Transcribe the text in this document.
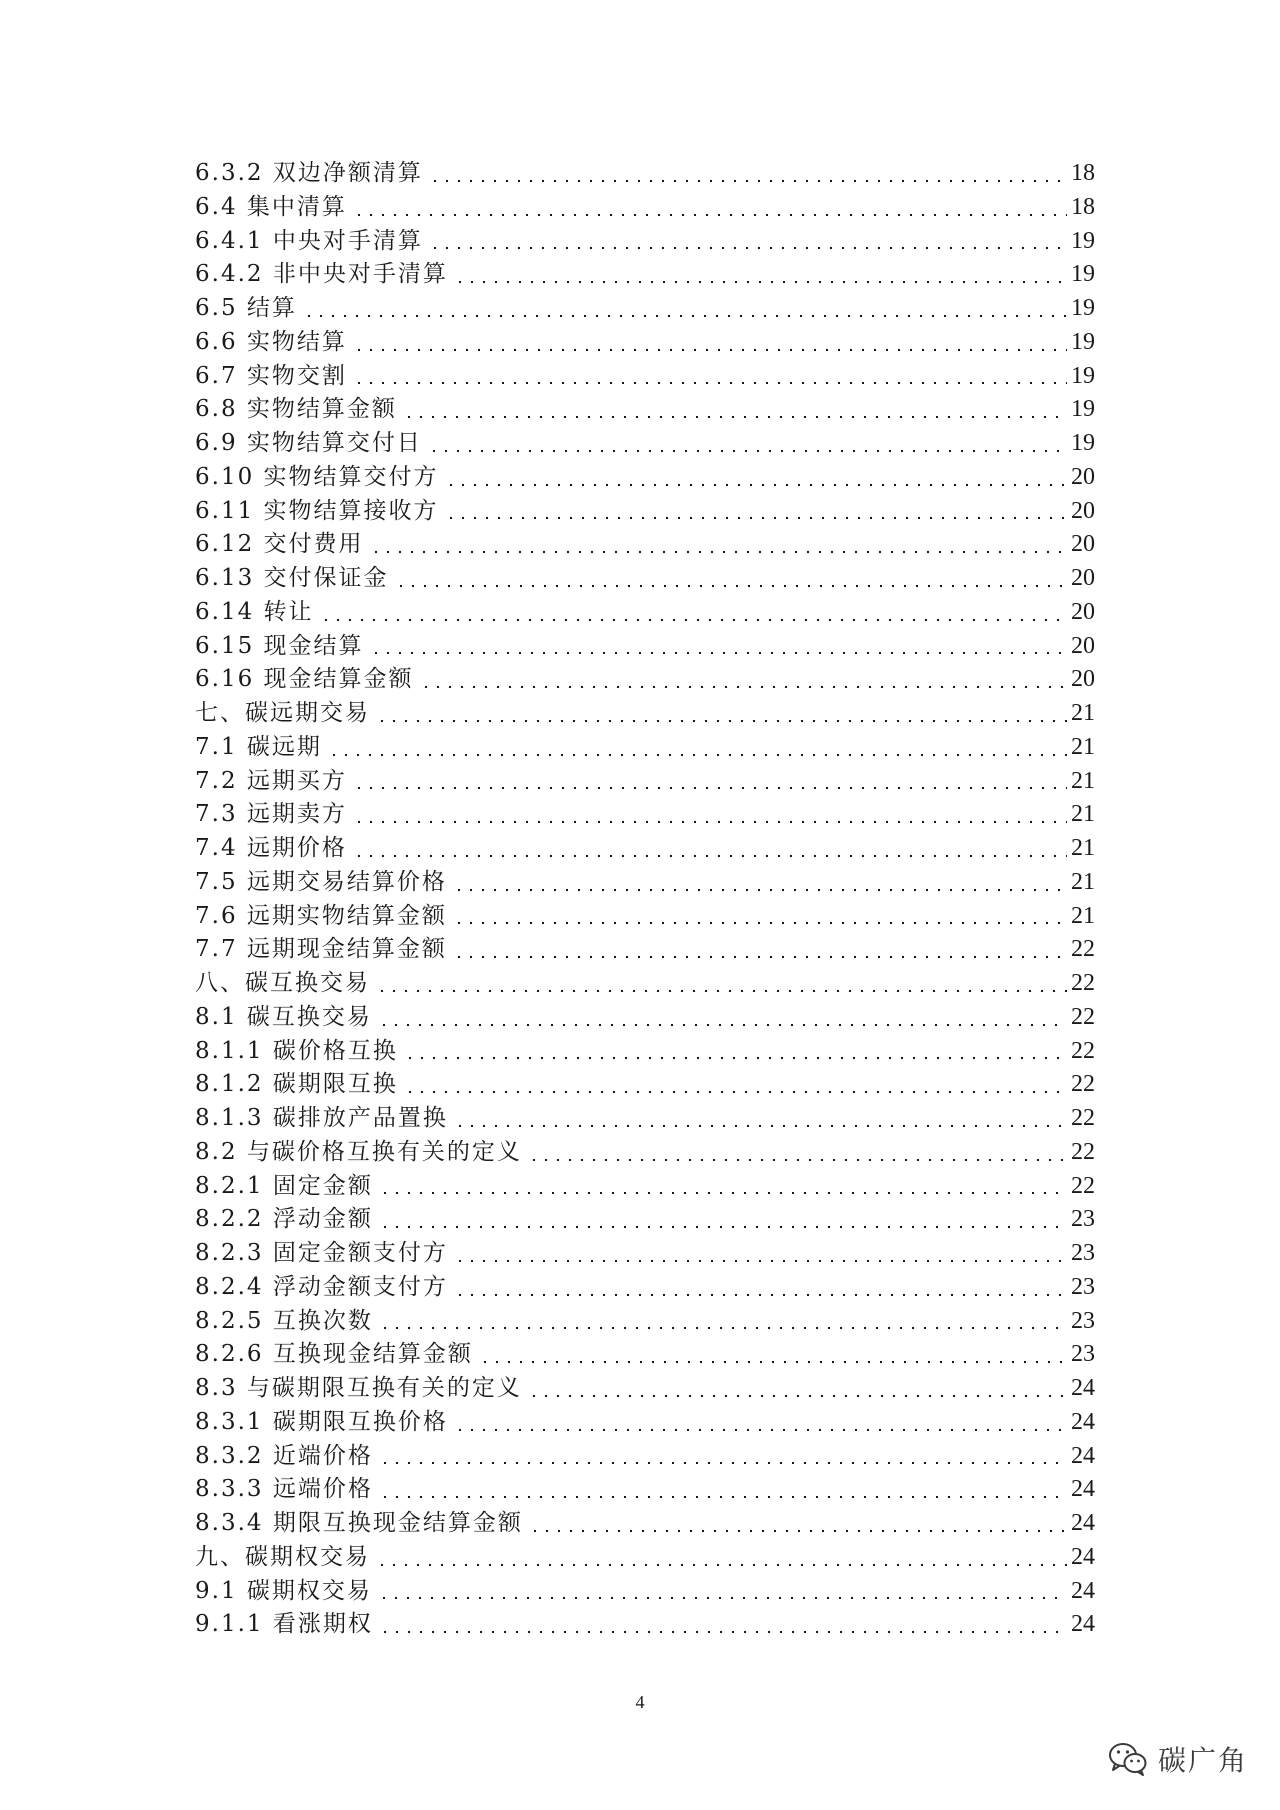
6.3.2 双边净额清算	18
6.4 集中清算	18
6.4.1 中央对手清算	19
6.4.2 非中央对手清算	19
6.5 结算	19
6.6 实物结算	19
6.7 实物交割	19
6.8 实物结算金额	19
6.9 实物结算交付日	19
6.10 实物结算交付方	20
6.11 实物结算接收方	20
6.12 交付费用	20
6.13 交付保证金	20
6.14 转让	20
6.15 现金结算	20
6.16 现金结算金额	20
七、碳远期交易	21
7.1 碳远期	21
7.2 远期买方	21
7.3 远期卖方	21
7.4 远期价格	21
7.5 远期交易结算价格	21
7.6 远期实物结算金额	21
7.7 远期现金结算金额	22
八、碳互换交易	22
8.1 碳互换交易	22
8.1.1 碳价格互换	22
8.1.2 碳期限互换	22
8.1.3 碳排放产品置换	22
8.2 与碳价格互换有关的定义	22
8.2.1 固定金额	22
8.2.2 浮动金额	23
8.2.3 固定金额支付方	23
8.2.4 浮动金额支付方	23
8.2.5 互换次数	23
8.2.6 互换现金结算金额	23
8.3 与碳期限互换有关的定义	24
8.3.1 碳期限互换价格	24
8.3.2 近端价格	24
8.3.3 远端价格	24
8.3.4 期限互换现金结算金额	24
九、碳期权交易	24
9.1 碳期权交易	24
9.1.1 看涨期权	24
4
碳广角
